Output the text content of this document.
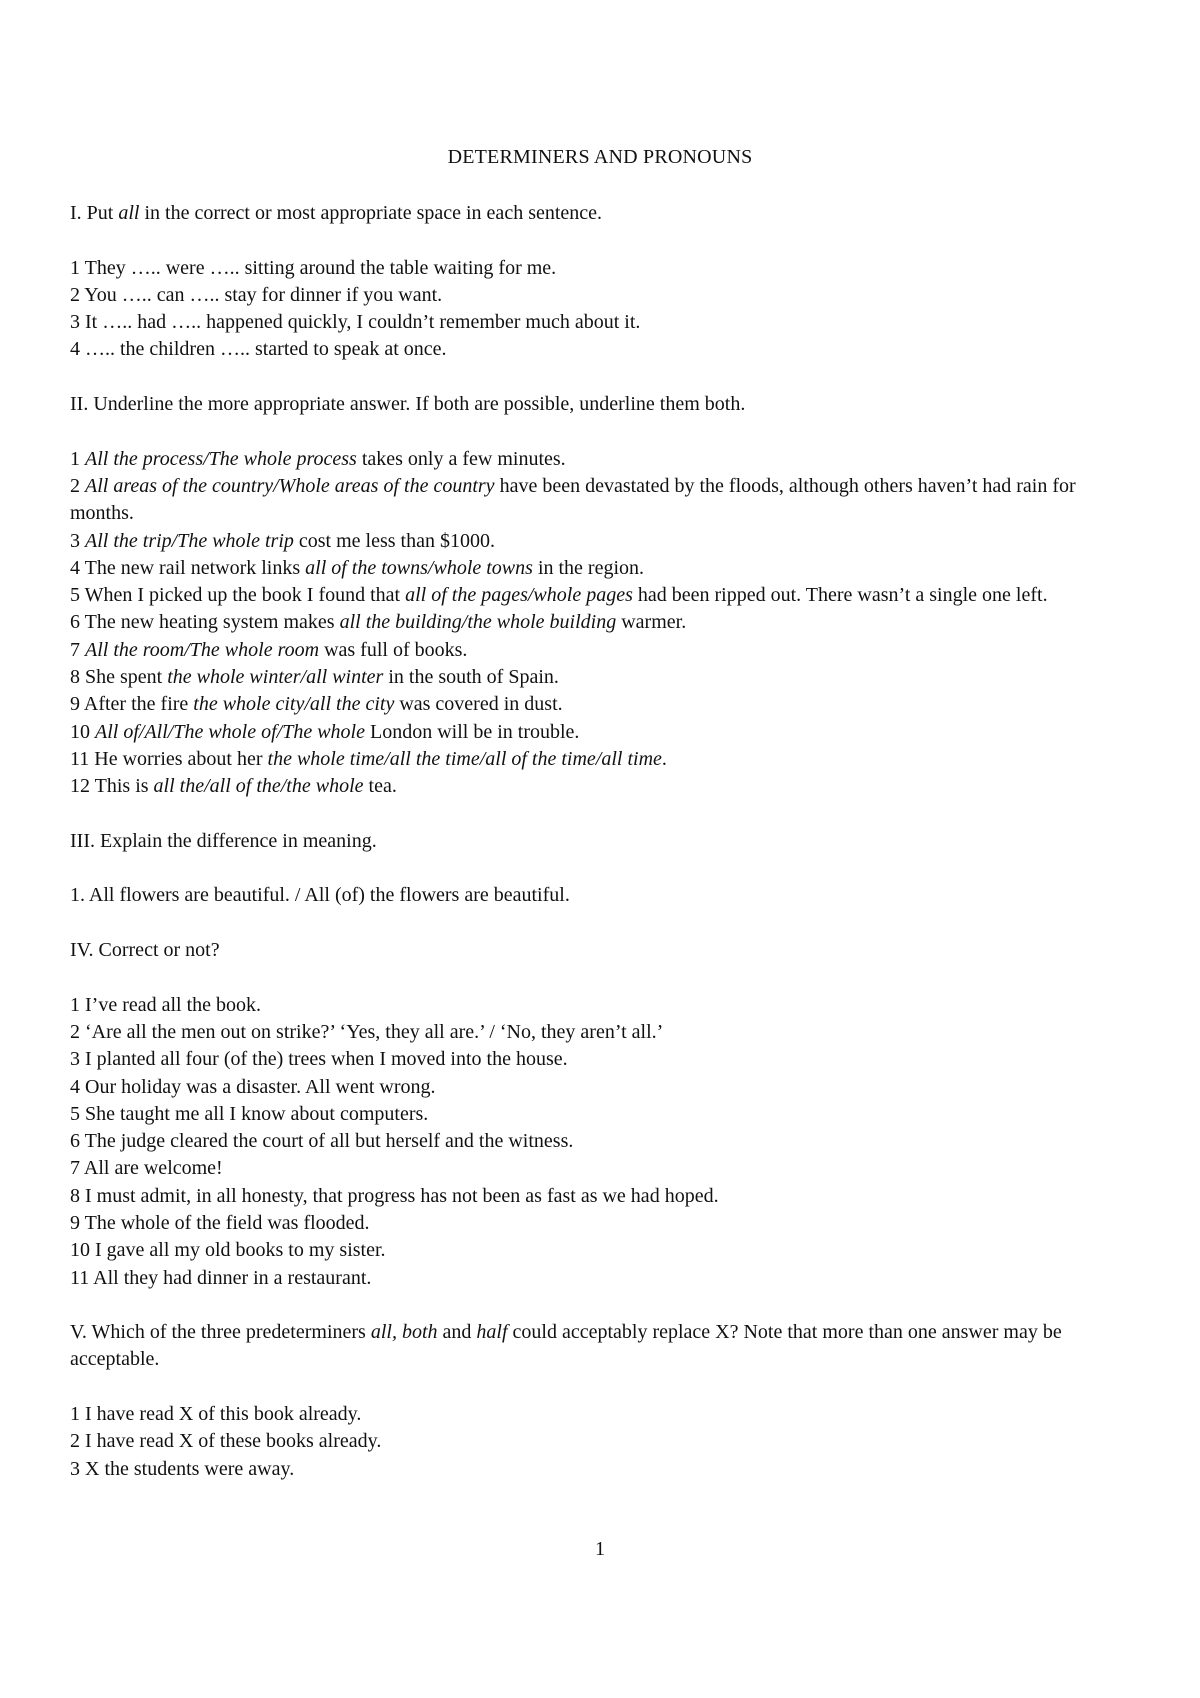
DETERMINERS AND PRONOUNS

I. Put all in the correct or most appropriate space in each sentence.

1 They ….. were ….. sitting around the table waiting for me.

2 You ….. can ….. stay for dinner if you want.

3 It ….. had ….. happened quickly, I couldn’t remember much about it.

4 ….. the children ….. started to speak at once.

II. Underline the more appropriate answer. If both are possible, underline them both.

1 All the process/The whole process takes only a few minutes.

2 All areas of the country/Whole areas of the country have been devastated by the floods, although others haven’t had rain for months.

3 All the trip/The whole trip cost me less than $1000.

4 The new rail network links all of the towns/whole towns in the region.

5 When I picked up the book I found that all of the pages/whole pages had been ripped out. There wasn’t a single one left.

6 The new heating system makes all the building/the whole building warmer.

7 All the room/The whole room was full of books.

8 She spent the whole winter/all winter in the south of Spain.

9 After the fire the whole city/all the city was covered in dust.

10 All of/All/The whole of/The whole London will be in trouble.

11 He worries about her the whole time/all the time/all of the time/all time.

12 This is all the/all of the/the whole tea.

III. Explain the difference in meaning.

1. All flowers are beautiful. / All (of) the flowers are beautiful.

IV. Correct or not?

1 I’ve read all the book.

2 ‘Are all the men out on strike?’ ‘Yes, they all are.’ / ‘No, they aren’t all.’

3 I planted all four (of the) trees when I moved into the house.

4 Our holiday was a disaster. All went wrong.

5 She taught me all I know about computers.

6 The judge cleared the court of all but herself and the witness.

7 All are welcome!

8 I must admit, in all honesty, that progress has not been as fast as we had hoped.

9 The whole of the field was flooded.

10 I gave all my old books to my sister.

11 All they had dinner in a restaurant.

V. Which of the three predeterminers all, both and half could acceptably replace X? Note that more than one answer may be acceptable.

1 I have read X of this book already.

2 I have read X of these books already.

3 X the students were away.

1
